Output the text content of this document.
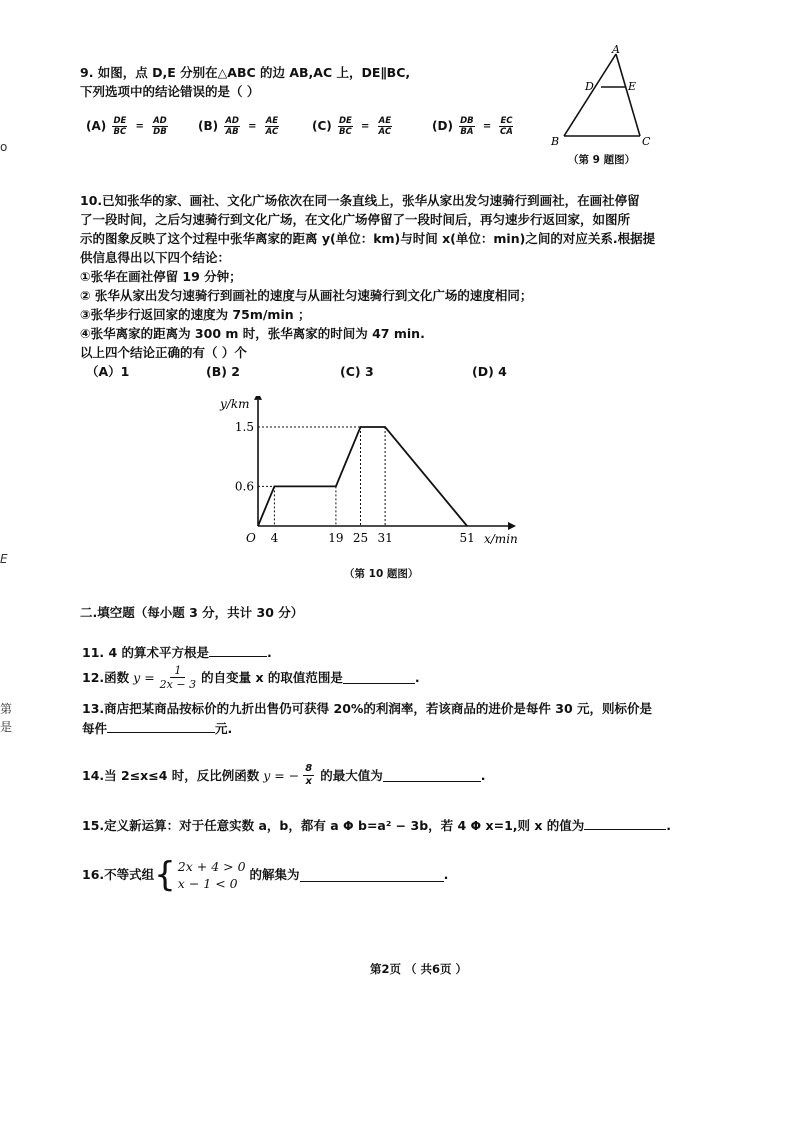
o
E
第
是
9. 如图，点 D,E 分别在△ABC 的边 AB,AC 上，DE∥BC,
下列选项中的结论错误的是（ ）
$(A) \frac{DE}{BC} = \frac{AD}{DB}$	$(B) \frac{AD}{AB} = \frac{AE}{AC}$	$(C) \frac{DE}{BC} = \frac{AE}{AC}$	$(D) \frac{DB}{BA} = \frac{EC}{CA}$
A
D	E
B	C
（第 9 题图）
10.已知张华的家、画社、文化广场依次在同一条直线上，张华从家出发匀速骑行到画社，在画社停留
了一段时间，之后匀速骑行到文化广场，在文化广场停留了一段时间后，再匀速步行返回家，如图所
示的图象反映了这个过程中张华离家的距离 y(单位：km)与时间 x(单位：min)之间的对应关系.根据提
供信息得出以下四个结论：
①张华在画社停留 19 分钟；
② 张华从家出发匀速骑行到画社的速度与从画社匀速骑行到文化广场的速度相同；
③张华步行返回家的速度为 75m/min ；
④张华离家的距离为 300 m 时，张华离家的时间为 47 min.
以上四个结论正确的有（ ）个
（A）1	(B) 2	(C) 3	(D) 4
4	19 25 31	51
0.6
1.5
y/km
x/min
O
（第 10 题图）
二.填空题（每小题 3 分，共计 30 分）
11. 4 的算术平方根是	.
12.函数 $y = \frac{1}{2x - 3}$ 的自变量 x 的取值范围是	.
13.商店把某商品按标价的九折出售仍可获得 20%的利润率，若该商品的进价是每件 30 元，则标价是
每件	元.
14.当 2≤x≤4 时，反比例函数 y = − $\frac{8}{x}$ 的最大值为	.
15.定义新运算：对于任意实数 a，b，都有 a Φ b=a² − 3b，若 4 Φ x=1,则 x 的值为	.
16.不等式组 { 2x + 4 > 0
x − 1 < 0
的解集为	.
第2页 （ 共6页 ）
